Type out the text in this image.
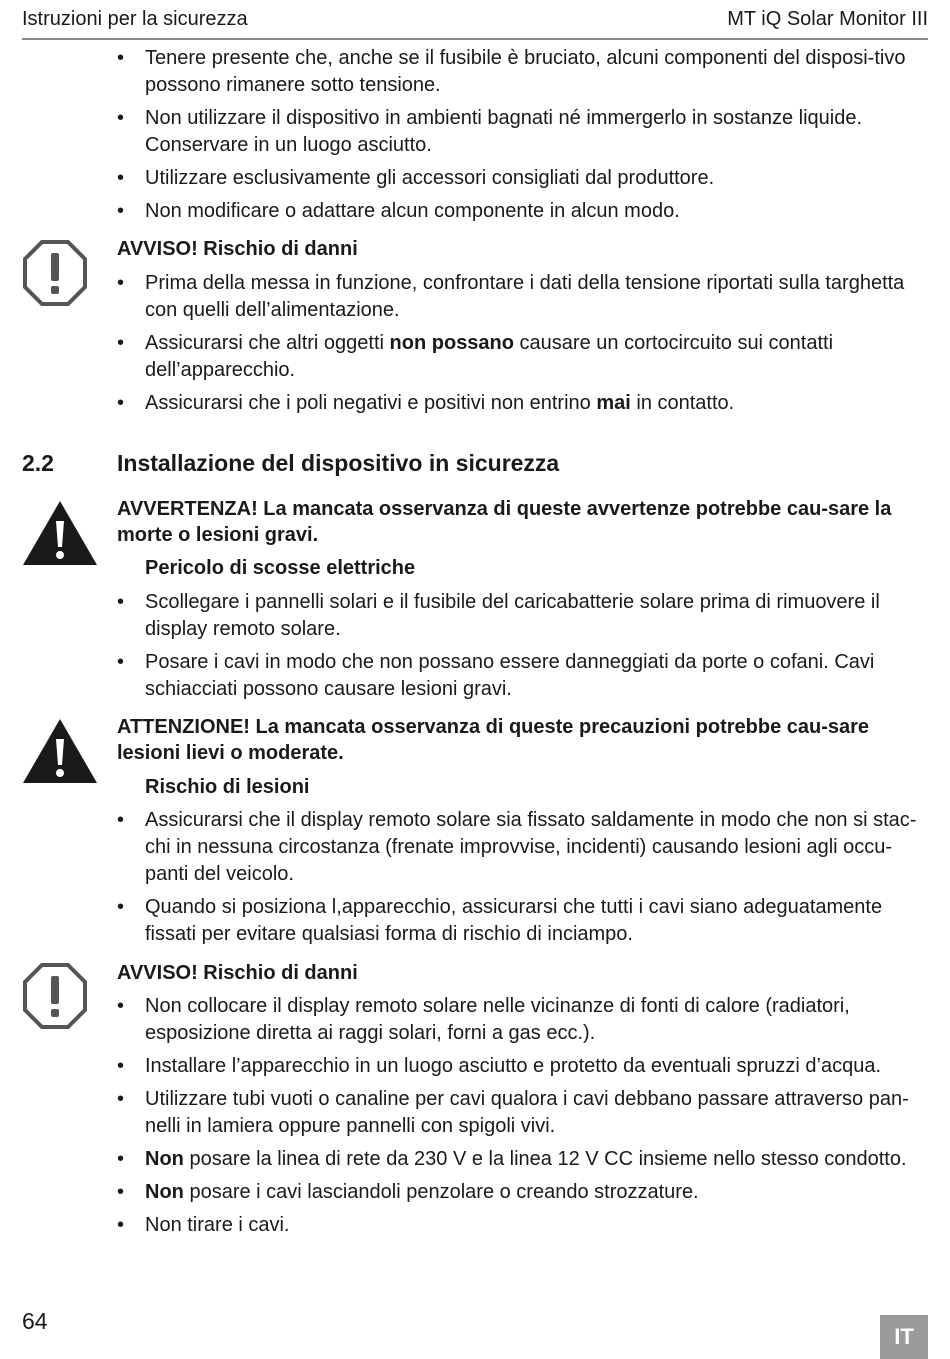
Istruzioni per la sicurezza	MT iQ Solar Monitor III
• Tenere presente che, anche se il fusibile è bruciato, alcuni componenti del disposi-tivo possono rimanere sotto tensione.
• Non utilizzare il dispositivo in ambienti bagnati né immergerlo in sostanze liquide. Conservare in un luogo asciutto.
• Utilizzare esclusivamente gli accessori consigliati dal produttore.
• Non modificare o adattare alcun componente in alcun modo.
AVVISO! Rischio di danni
• Prima della messa in funzione, confrontare i dati della tensione riportati sulla targhetta con quelli dell’alimentazione.
• Assicurarsi che altri oggetti non possano causare un cortocircuito sui contatti dell’apparecchio.
• Assicurarsi che i poli negativi e positivi non entrino mai in contatto.
2.2	Installazione del dispositivo in sicurezza
AVVERTENZA! La mancata osservanza di queste avvertenze potrebbe cau-sare la morte o lesioni gravi.
Pericolo di scosse elettriche
• Scollegare i pannelli solari e il fusibile del caricabatterie solare prima di rimuovere il display remoto solare.
• Posare i cavi in modo che non possano essere danneggiati da porte o cofani. Cavi schiacciati possono causare lesioni gravi.
ATTENZIONE! La mancata osservanza di queste precauzioni potrebbe cau-sare lesioni lievi o moderate.
Rischio di lesioni
• Assicurarsi che il display remoto solare sia fissato saldamente in modo che non si stac-chi in nessuna circostanza (frenate improvvise, incidenti) causando lesioni agli occu-panti del veicolo.
• Quando si posiziona l,apparecchio, assicurarsi che tutti i cavi siano adeguatamente fissati per evitare qualsiasi forma di rischio di inciampo.
AVVISO! Rischio di danni
• Non collocare il display remoto solare nelle vicinanze di fonti di calore (radiatori, esposizione diretta ai raggi solari, forni a gas ecc.).
• Installare l’apparecchio in un luogo asciutto e protetto da eventuali spruzzi d’acqua.
• Utilizzare tubi vuoti o canaline per cavi qualora i cavi debbano passare attraverso pan-nelli in lamiera oppure pannelli con spigoli vivi.
• Non posare la linea di rete da 230 V e la linea 12 V CC insieme nello stesso condotto.
• Non posare i cavi lasciandoli penzolare o creando strozzature.
• Non tirare i cavi.
64
IT
